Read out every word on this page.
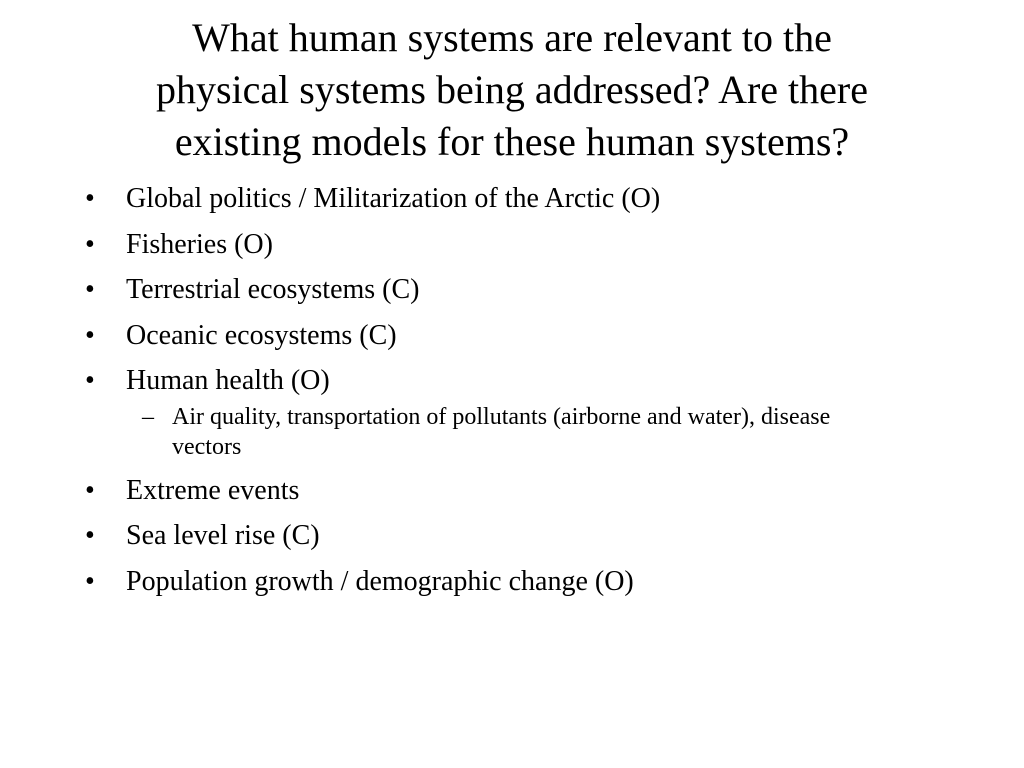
What human systems are relevant to the
physical systems being addressed? Are there
existing models for these human systems?
•	Global politics / Militarization of the Arctic (O)
•	Fisheries (O)
•	Terrestrial ecosystems (C)
•	Oceanic ecosystems (C)
•	Human health (O)
– Air quality, transportation of pollutants (airborne and water), disease vectors
•	Extreme events
•	Sea level rise (C)
•	Population growth / demographic change (O)
